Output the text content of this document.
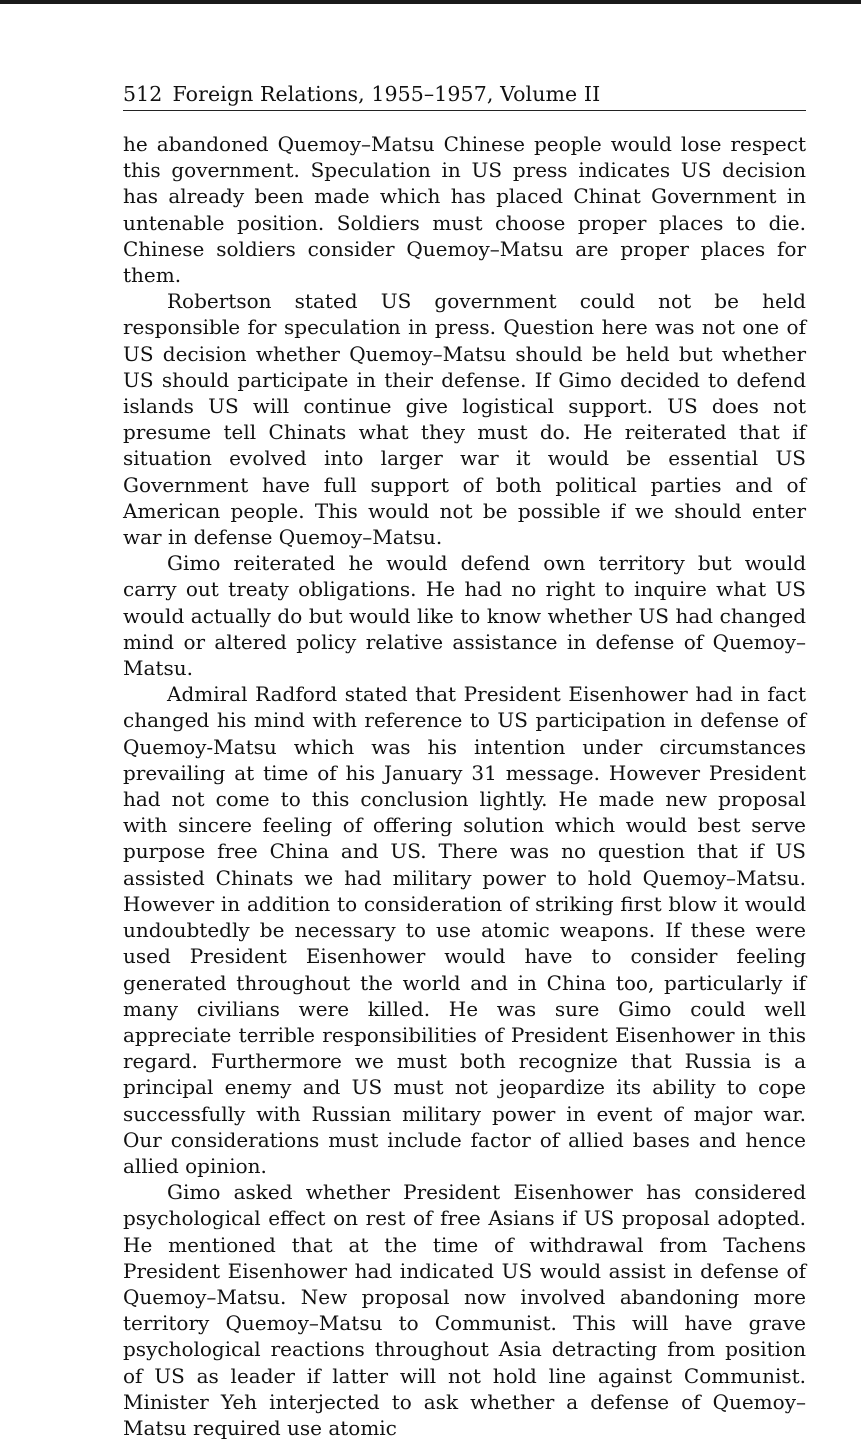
512 Foreign Relations, 1955–1957, Volume II

he abandoned Quemoy–Matsu Chinese people would lose respect this government. Speculation in US press indicates US decision has already been made which has placed Chinat Government in untenable position. Soldiers must choose proper places to die. Chinese soldiers consider Quemoy–Matsu are proper places for them.

Robertson stated US government could not be held responsible for speculation in press. Question here was not one of US decision whether Quemoy–Matsu should be held but whether US should participate in their defense. If Gimo decided to defend islands US will continue give logistical support. US does not presume tell Chinats what they must do. He reiterated that if situation evolved into larger war it would be essential US Government have full support of both political parties and of American people. This would not be possible if we should enter war in defense Quemoy–Matsu.

Gimo reiterated he would defend own territory but would carry out treaty obligations. He had no right to inquire what US would actually do but would like to know whether US had changed mind or altered policy relative assistance in defense of Quemoy–Matsu.

Admiral Radford stated that President Eisenhower had in fact changed his mind with reference to US participation in defense of Quemoy-Matsu which was his intention under circumstances prevailing at time of his January 31 message. However President had not come to this conclusion lightly. He made new proposal with sincere feeling of offering solution which would best serve purpose free China and US. There was no question that if US assisted Chinats we had military power to hold Quemoy–Matsu. However in addition to consideration of striking first blow it would undoubtedly be necessary to use atomic weapons. If these were used President Eisenhower would have to consider feeling generated throughout the world and in China too, particularly if many civilians were killed. He was sure Gimo could well appreciate terrible responsibilities of President Eisenhower in this regard. Furthermore we must both recognize that Russia is a principal enemy and US must not jeopardize its ability to cope successfully with Russian military power in event of major war. Our considerations must include factor of allied bases and hence allied opinion.

Gimo asked whether President Eisenhower has considered psychological effect on rest of free Asians if US proposal adopted. He mentioned that at the time of withdrawal from Tachens President Eisenhower had indicated US would assist in defense of Quemoy–Matsu. New proposal now involved abandoning more territory Quemoy–Matsu to Communist. This will have grave psychological reactions throughout Asia detracting from position of US as leader if latter will not hold line against Communist. Minister Yeh interjected to ask whether a defense of Quemoy–Matsu required use atomic
